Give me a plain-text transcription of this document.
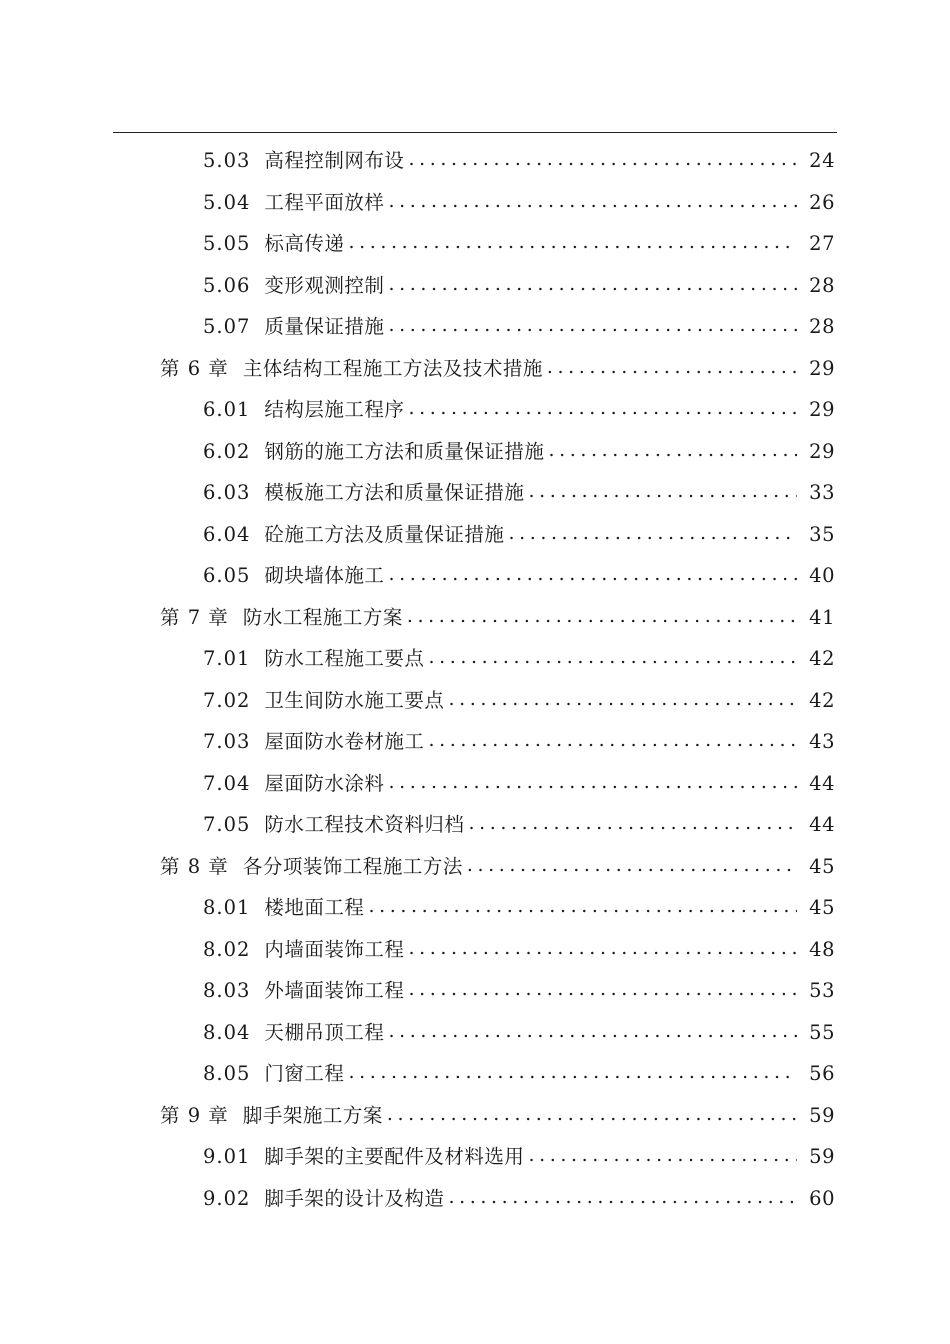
5.03 高程控制网布设 .....	24
5.04 工程平面放样 .....	26
5.05 标高传递 .....	27
5.06 变形观测控制 .....	28
5.07 质量保证措施 .....	28
第 6 章 主体结构工程施工方法及技术措施 .....	29
6.01 结构层施工程序 .....	29
6.02 钢筋的施工方法和质量保证措施 .....	29
6.03 模板施工方法和质量保证措施 .....	33
6.04 砼施工方法及质量保证措施 .....	35
6.05 砌块墙体施工 .....	40
第 7 章 防水工程施工方案 .....	41
7.01 防水工程施工要点 .....	42
7.02 卫生间防水施工要点 .....	42
7.03 屋面防水卷材施工 .....	43
7.04 屋面防水涂料 .....	44
7.05 防水工程技术资料归档 .....	44
第 8 章 各分项装饰工程施工方法 .....	45
8.01 楼地面工程 .....	45
8.02 内墙面装饰工程 .....	48
8.03 外墙面装饰工程 .....	53
8.04 天棚吊顶工程 .....	55
8.05 门窗工程 .....	56
第 9 章 脚手架施工方案 .....	59
9.01 脚手架的主要配件及材料选用 .....	59
9.02 脚手架的设计及构造 .....	60
